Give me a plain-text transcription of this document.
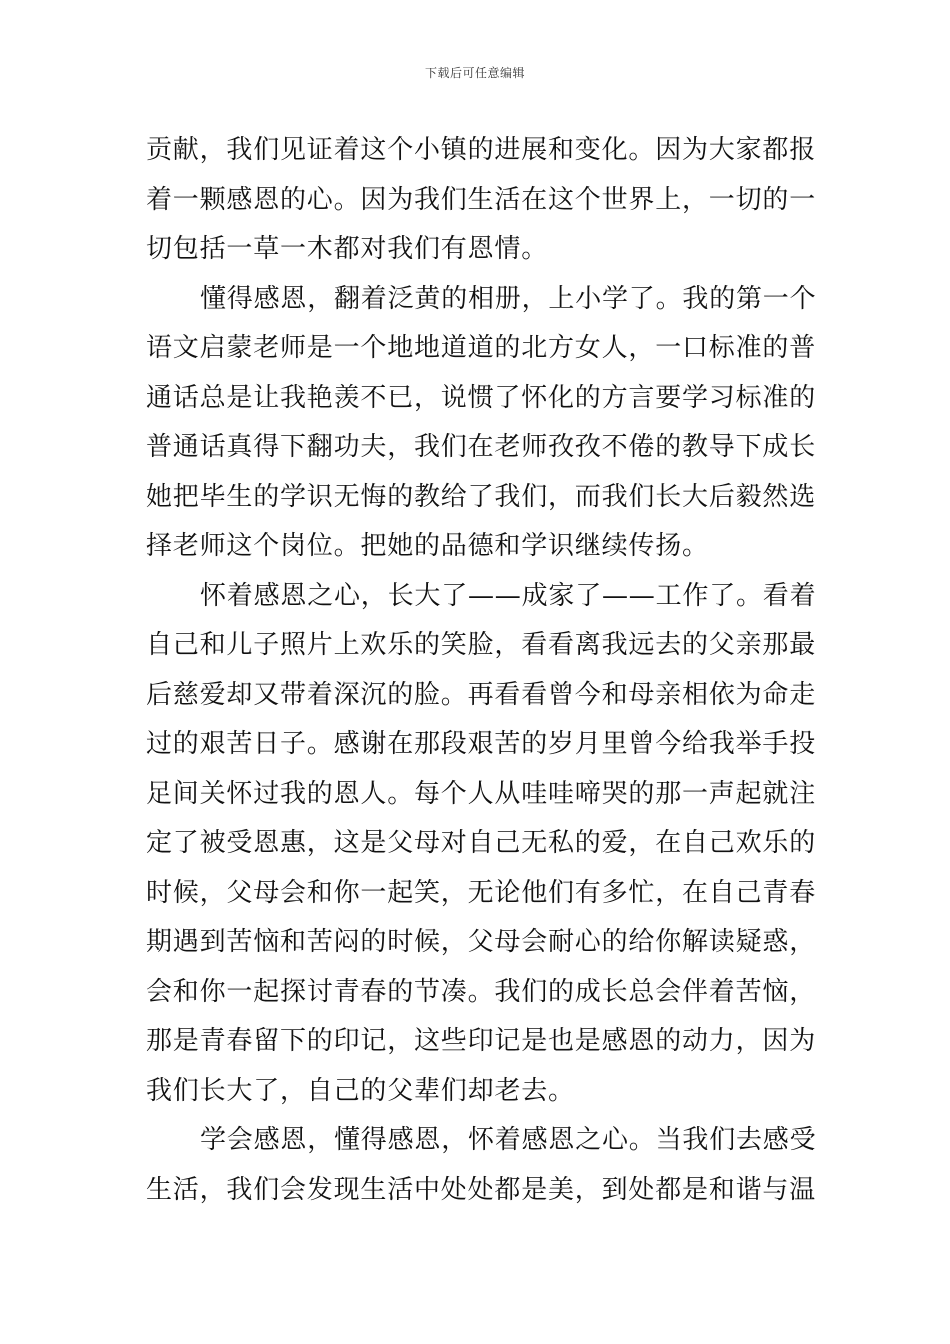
下载后可任意编辑
贡献，我们见证着这个小镇的进展和变化。因为大家都报
着一颗感恩的心。因为我们生活在这个世界上，一切的一
切包括一草一木都对我们有恩情。
懂得感恩，翻着泛黄的相册，上小学了。我的第一个
语文启蒙老师是一个地地道道的北方女人，一口标准的普
通话总是让我艳羡不已，说惯了怀化的方言要学习标准的
普通话真得下翻功夫，我们在老师孜孜不倦的教导下成长
她把毕生的学识无悔的教给了我们，而我们长大后毅然选
择老师这个岗位。把她的品德和学识继续传扬。
怀着感恩之心，长大了——成家了——工作了。看着
自己和儿子照片上欢乐的笑脸，看看离我远去的父亲那最
后慈爱却又带着深沉的脸。再看看曾今和母亲相依为命走
过的艰苦日子。感谢在那段艰苦的岁月里曾今给我举手投
足间关怀过我的恩人。每个人从哇哇啼哭的那一声起就注
定了被受恩惠，这是父母对自己无私的爱，在自己欢乐的
时候，父母会和你一起笑，无论他们有多忙，在自己青春
期遇到苦恼和苦闷的时候，父母会耐心的给你解读疑惑，
会和你一起探讨青春的节凑。我们的成长总会伴着苦恼，
那是青春留下的印记，这些印记是也是感恩的动力，因为
我们长大了，自己的父辈们却老去。
学会感恩，懂得感恩，怀着感恩之心。当我们去感受
生活，我们会发现生活中处处都是美，到处都是和谐与温
